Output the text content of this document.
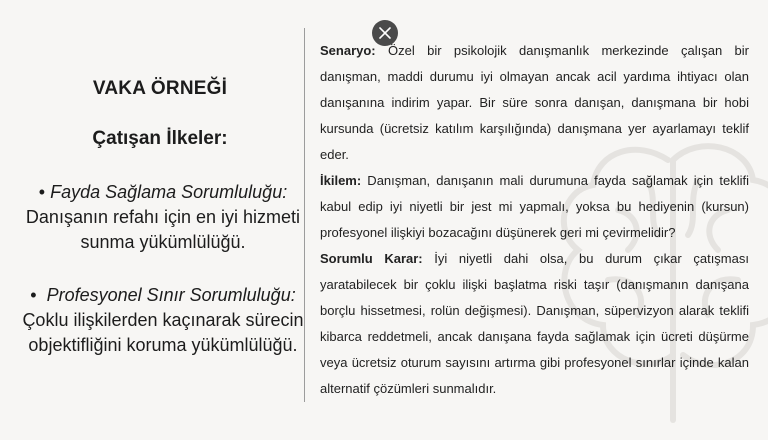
VAKA ÖRNEĞİ
Çatışan İlkeler:
• Fayda Sağlama Sorumluluğu:
Danışanın refahı için en iyi hizmeti sunma yükümlülüğü.
•  Profesyonel Sınır Sorumluluğu:
Çoklu ilişkilerden kaçınarak sürecin objektifliğini koruma yükümlülüğü.

Senaryo: Özel bir psikolojik danışmanlık merkezinde çalışan bir danışman, maddi durumu iyi olmayan ancak acil yardıma ihtiyacı olan danışanına indirim yapar. Bir süre sonra danışan, danışmana bir hobi kursunda (ücretsiz katılım karşılığında) danışmana yer ayarlamayı teklif eder.

İkilem: Danışman, danışanın mali durumuna fayda sağlamak için teklifi kabul edip iyi niyetli bir jest mi yapmalı, yoksa bu hediyenin (kursun) profesyonel ilişkiyi bozacağını düşünerek geri mi çevirmelidir?

Sorumlu Karar: İyi niyetli dahi olsa, bu durum çıkar çatışması yaratabilecek bir çoklu ilişki başlatma riski taşır (danışmanın danışana borçlu hissetmesi, rolün değişmesi). Danışman, süpervizyon alarak teklifi kibarca reddetmeli, ancak danışana fayda sağlamak için ücreti düşürme veya ücretsiz oturum sayısını artırma gibi profesyonel sınırlar içinde kalan alternatif çözümleri sunmalıdır.
